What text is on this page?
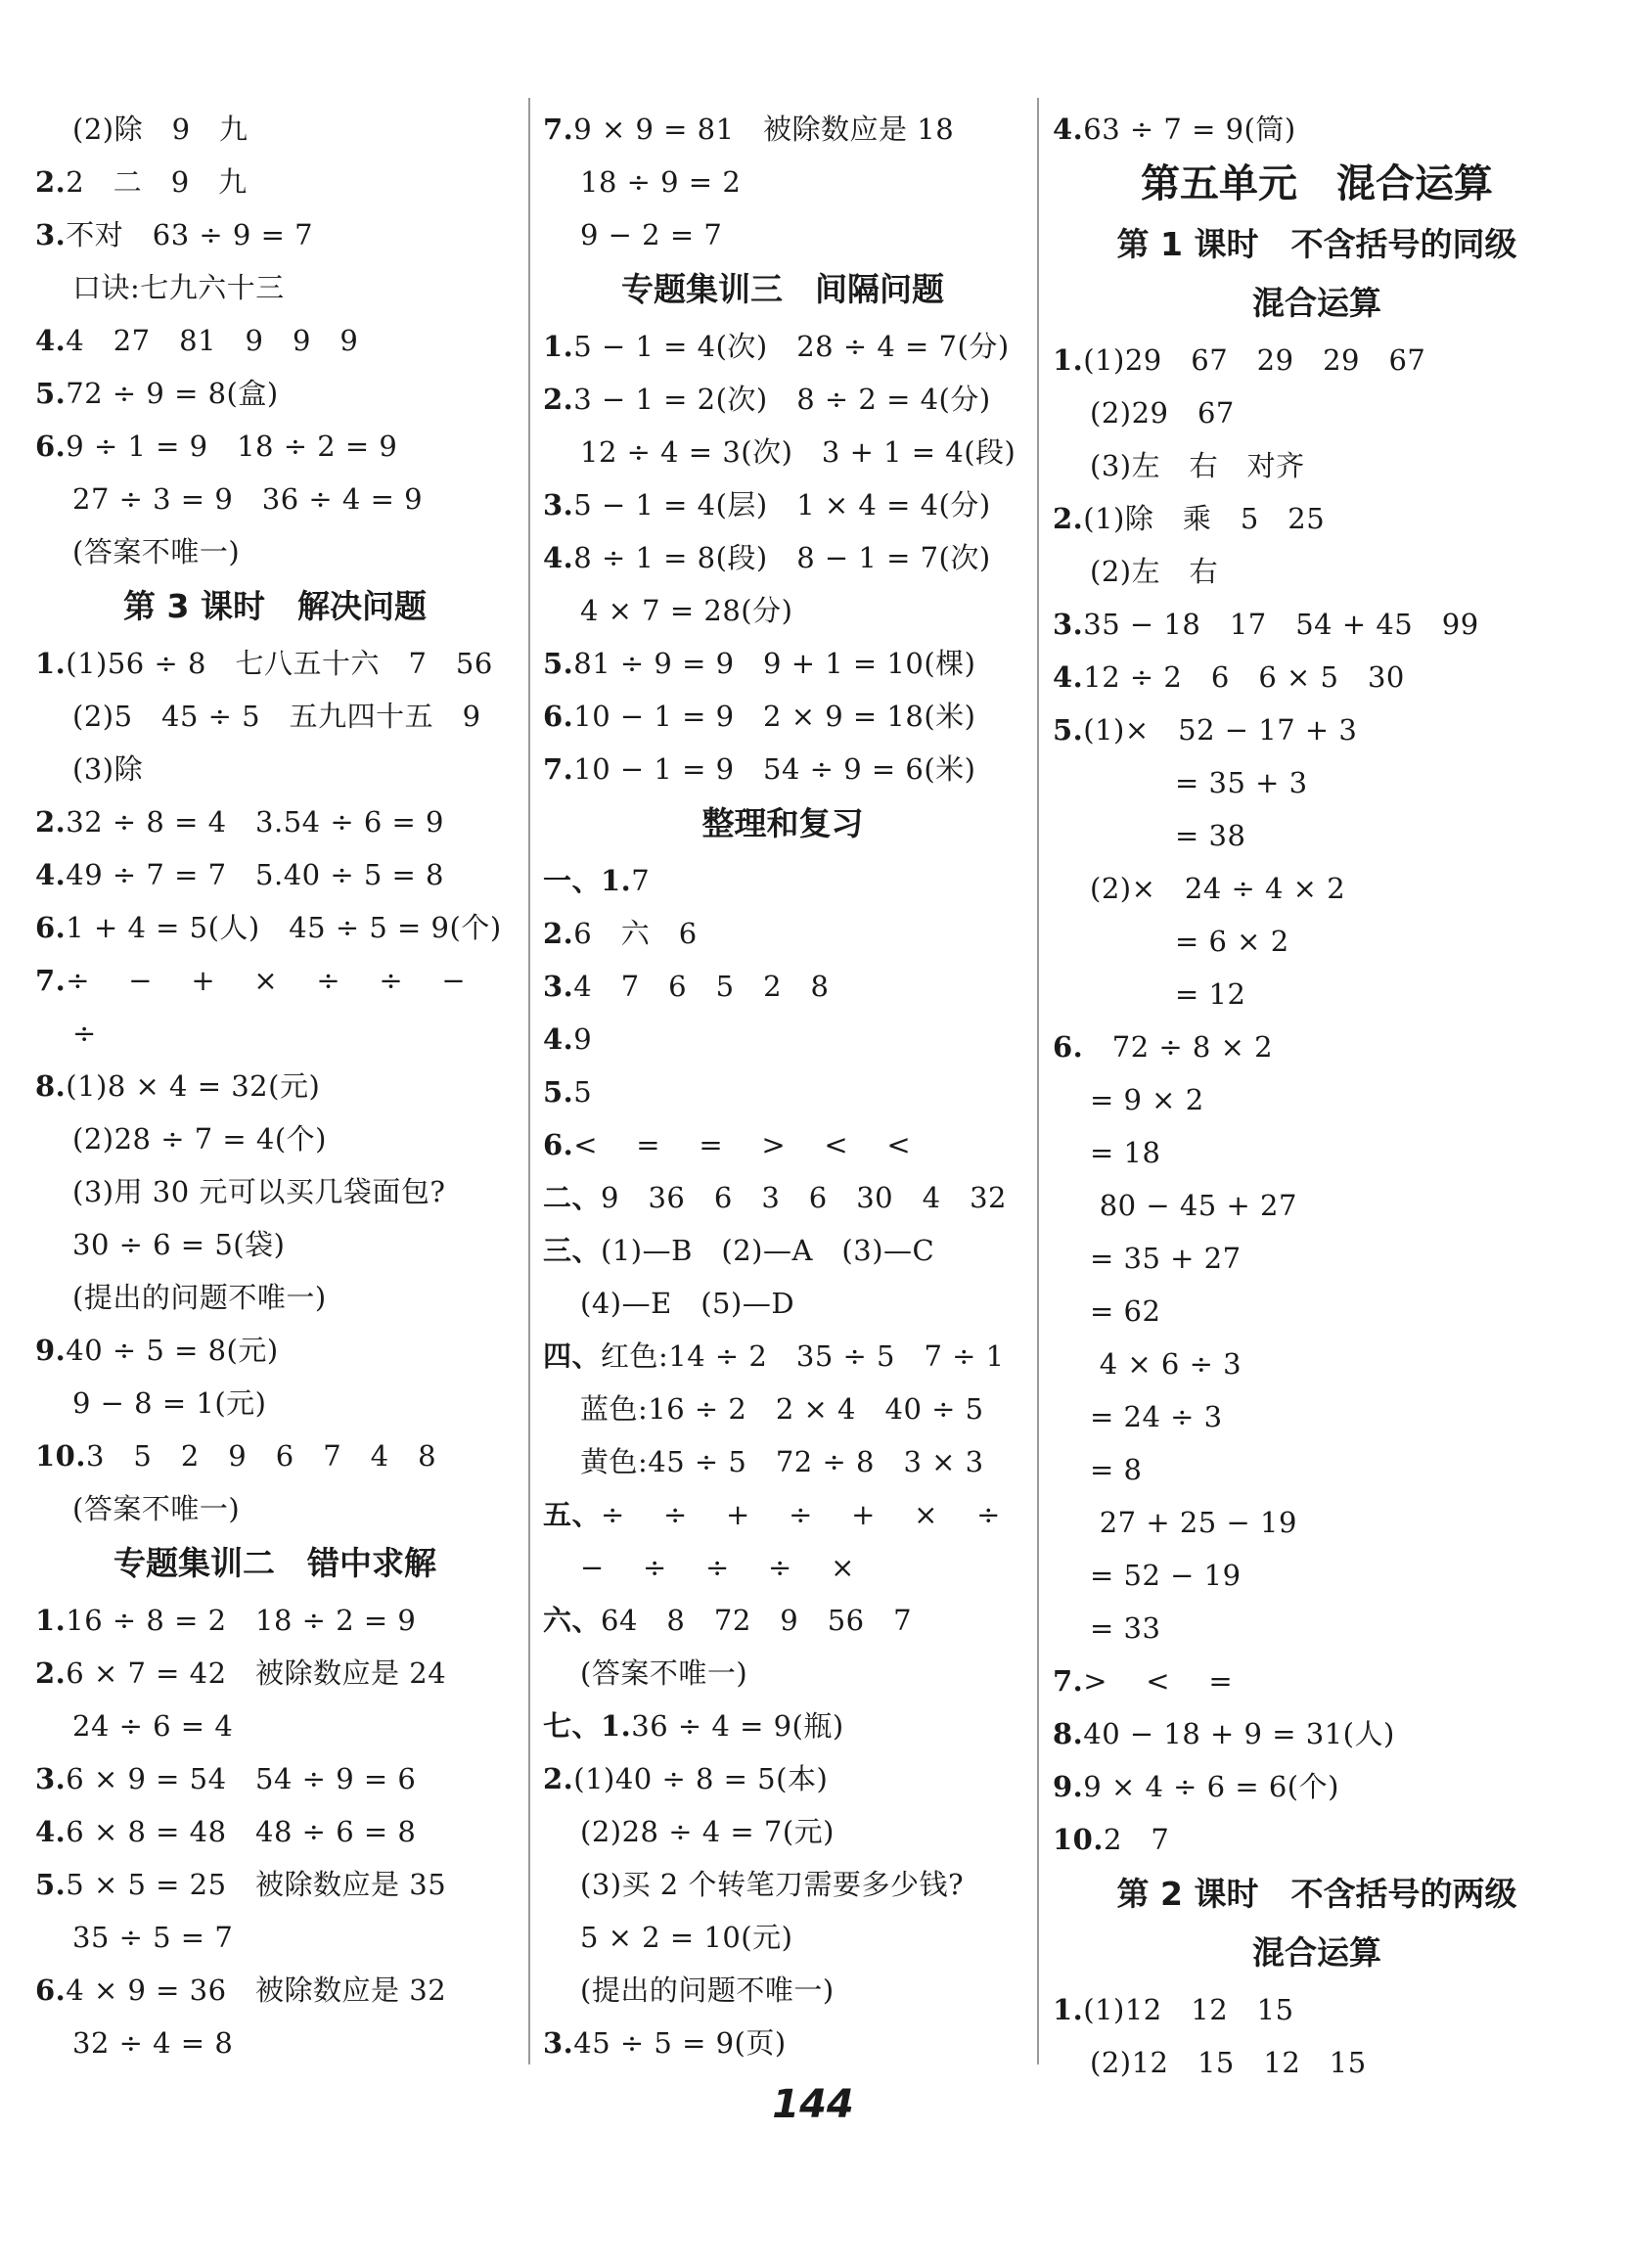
(2)除　9　九
2.2　二　9　九
3.不对　63 ÷ 9 = 7
口诀:七九六十三
4.4　27　81　9　9　9
5.72 ÷ 9 = 8(盒)
6.9 ÷ 1 = 9　18 ÷ 2 = 9
27 ÷ 3 = 9　36 ÷ 4 = 9
(答案不唯一)
第 3 课时　解决问题
1.(1)56 ÷ 8　七八五十六　7　56
(2)5　45 ÷ 5　五九四十五　9
(3)除
2.32 ÷ 8 = 4　3.54 ÷ 6 = 9
4.49 ÷ 7 = 7　5.40 ÷ 5 = 8
6.1 + 4 = 5(人)　45 ÷ 5 = 9(个)
7.÷　 −　 +　 ×　 ÷　 ÷　 −
÷
8.(1)8 × 4 = 32(元)
(2)28 ÷ 7 = 4(个)
(3)用 30 元可以买几袋面包?
30 ÷ 6 = 5(袋)
(提出的问题不唯一)
9.40 ÷ 5 = 8(元)
9 − 8 = 1(元)
10.3　5　2　9　6　7　4　8
(答案不唯一)
专题集训二　错中求解
1.16 ÷ 8 = 2　18 ÷ 2 = 9
2.6 × 7 = 42　被除数应是 24
24 ÷ 6 = 4
3.6 × 9 = 54　54 ÷ 9 = 6
4.6 × 8 = 48　48 ÷ 6 = 8
5.5 × 5 = 25　被除数应是 35
35 ÷ 5 = 7
6.4 × 9 = 36　被除数应是 32
32 ÷ 4 = 8
7.9 × 9 = 81　被除数应是 18
18 ÷ 9 = 2
9 − 2 = 7
专题集训三　间隔问题
1.5 − 1 = 4(次)　28 ÷ 4 = 7(分)
2.3 − 1 = 2(次)　8 ÷ 2 = 4(分)
12 ÷ 4 = 3(次)　3 + 1 = 4(段)
3.5 − 1 = 4(层)　1 × 4 = 4(分)
4.8 ÷ 1 = 8(段)　8 − 1 = 7(次)
4 × 7 = 28(分)
5.81 ÷ 9 = 9　9 + 1 = 10(棵)
6.10 − 1 = 9　2 × 9 = 18(米)
7.10 − 1 = 9　54 ÷ 9 = 6(米)
整理和复习
一、1.7
2.6　六　6
3.4　7　6　5　2　8
4.9
5.5
6.<　 =　 =　 >　 <　 <
二、9　36　6　3　6　30　4　32
三、(1)—B　(2)—A　(3)—C
(4)—E　(5)—D
四、红色:14 ÷ 2　35 ÷ 5　7 ÷ 1
蓝色:16 ÷ 2　2 × 4　40 ÷ 5
黄色:45 ÷ 5　72 ÷ 8　3 × 3
五、÷　 ÷　 +　 ÷　 +　 ×　 ÷
−　 ÷　 ÷　 ÷　 ×
六、64　8　72　9　56　7
(答案不唯一)
七、1.36 ÷ 4 = 9(瓶)
2.(1)40 ÷ 8 = 5(本)
(2)28 ÷ 4 = 7(元)
(3)买 2 个转笔刀需要多少钱?
5 × 2 = 10(元)
(提出的问题不唯一)
3.45 ÷ 5 = 9(页)
4.63 ÷ 7 = 9(筒)
第五单元　混合运算
第 1 课时　不含括号的同级
混合运算
1.(1)29　67　29　29　67
(2)29　67
(3)左　右　对齐
2.(1)除　乘　5　25
(2)左　右
3.35 − 18　17　54 + 45　99
4.12 ÷ 2　6　6 × 5　30
5.(1)×　52 − 17 + 3
= 35 + 3
= 38
(2)×　24 ÷ 4 × 2
= 6 × 2
= 12
6.　72 ÷ 8 × 2
= 9 × 2
= 18
80 − 45 + 27
= 35 + 27
= 62
4 × 6 ÷ 3
= 24 ÷ 3
= 8
27 + 25 − 19
= 52 − 19
= 33
7.>　 <　 =
8.40 − 18 + 9 = 31(人)
9.9 × 4 ÷ 6 = 6(个)
10.2　7
第 2 课时　不含括号的两级
混合运算
1.(1)12　12　15
(2)12　15　12　15
144
